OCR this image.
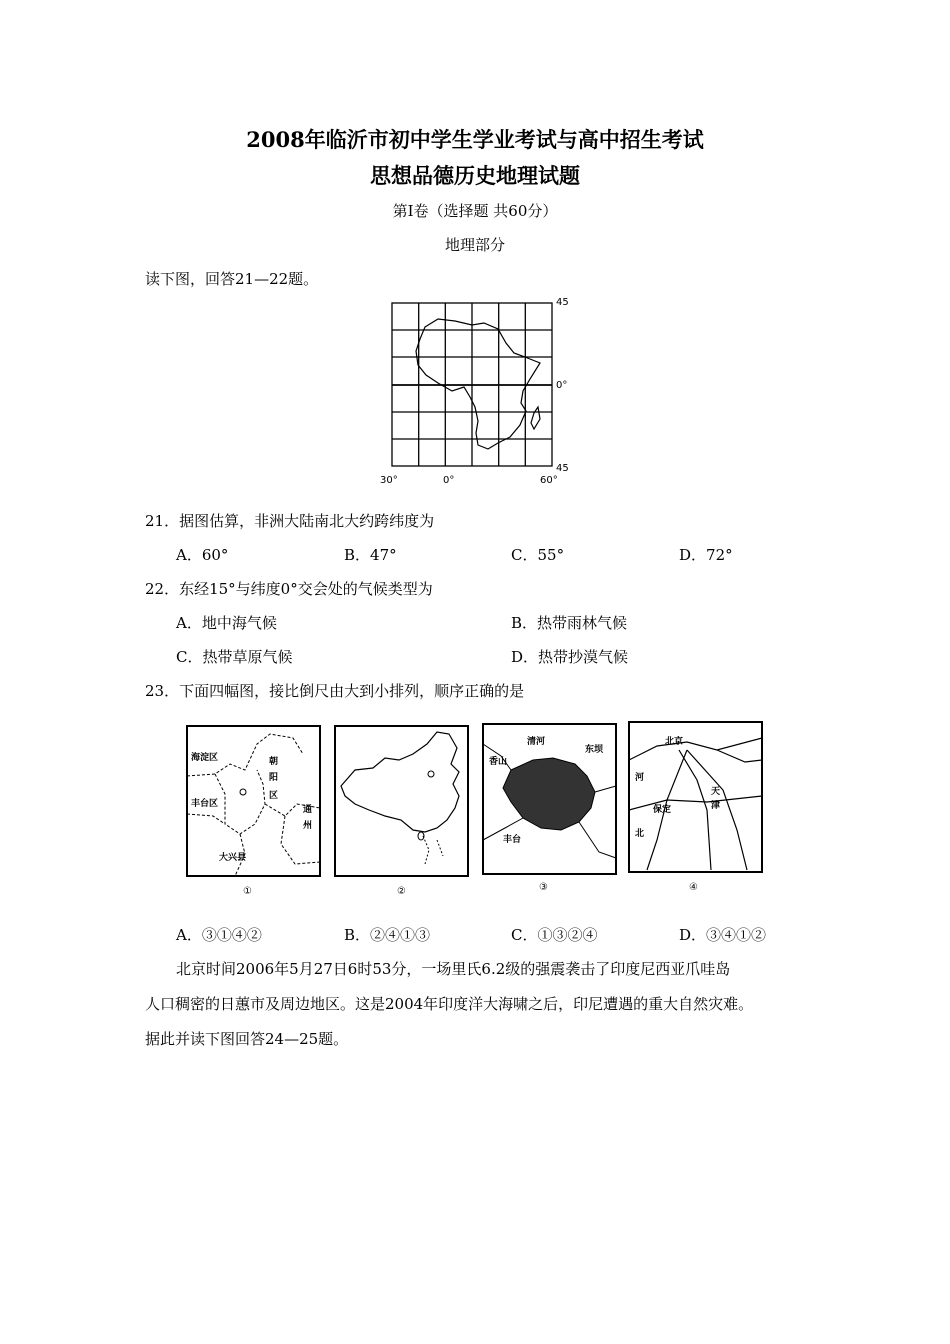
2008年临沂市初中学生学业考试与高中招生考试
思想品德历史地理试题
第Ⅰ卷（选择题 共60分）
地理部分
读下图，回答21—22题。
45
0°
45
30°	0°	60°
21．据图估算，非洲大陆南北大约跨纬度为
A．60°	B．47°	C．55°	D．72°
22．东经15°与纬度0°交会处的气候类型为
A．地中海气候	B．热带雨林气候
C．热带草原气候	D．热带抄漠气候
23．下面四幅图，接比倒尺由大到小排列，顺序正确的是
海淀区	朝
阳
区
丰台区
通
州
大兴县
①	②
清河
香山
东坝
丰台
③
北京
河
天
津
保定
北
④
A．③①④②	B．②④①③	C．①③②④	D．③④①②
北京时间2006年5月27日6时53分，一场里氏6.2级的强震袭击了印度尼西亚爪哇岛
人口稠密的日蕙市及周边地区。这是2004年印度洋大海啸之后，印尼遭遇的重大自然灾难。
据此并读下图回答24—25题。
